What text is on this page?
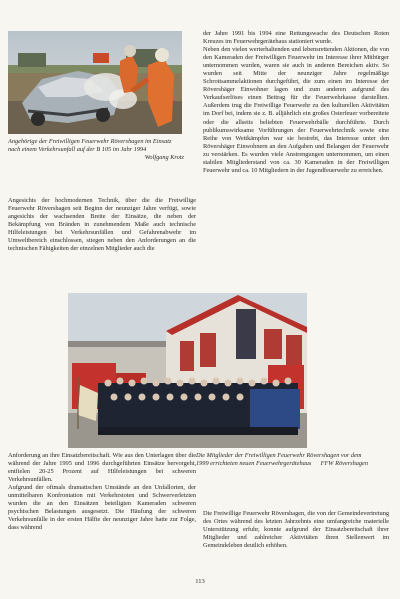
Angehörige der Freiwilligen Feuerwehr Rövershagen im Einsatz nach einem Verkehrsunfall auf der B 105 im Jahr 1994
Wolfgang Krotz

Angesichts der hochmodernen Technik, über die die Freiwillige Feuerwehr Rövershagen seit Beginn der neunziger Jahre verfügt, sowie angesichts der wachsenden Breite der Einsätze, die neben der Bekämpfung von Bränden in zunehmendem Maße auch technische Hilfeleistungen bei Verkehrsunfällen und Gefahrenabwehr im Umweltbereich einschlossen, stiegen neben den Anforderungen an die technischen Fähigkeiten der einzelnen Mitglieder auch die

der Jahre 1991 bis 1994 eine Rettungswache des Deutschen Roten Kreuzes im Feuerwehrgerätehaus stationiert wurde.
Neben den vielen werterhaltenden und lebensrettenden Aktionen, die von den Kameraden der Freiwilligen Feuerwehr im Interesse ihrer Mitbürger unternommen wurden, waren sie auch in anderen Bereichen aktiv. So wurden seit Mitte der neunziger Jahre regelmäßige Schrottsammelaktionen durchgeführt, die zum einen im Interesse der Rövershäger Einwohner lagen und zum anderen aufgrund des Verkaufserlöses einen Beitrag für die Feuerwehrkasse darstellten. Außerdem trug die Freiwillige Feuerwehr zu den kulturellen Aktivitäten im Dorf bei, indem sie z. B. alljährlich ein großes Osterfeuer vorbereitete oder die allseits beliebten Feuerwehrbälle durchführte. Durch publikumswirksame Vorführungen der Feuerwehrtechnik sowie eine Reihe von Wettkämpfen war sie bestrebt, das Interesse unter den Rövershäger Einwohnern an den Aufgaben und Belangen der Feuerwehr zu verstärken. Es wurden viele Anstrengungen unternommen, um einen stabilen Mitgliederstand von ca. 30 Kameraden in der Freiwilligen Feuerwehr und ca. 10 Mitgliedern in der Jugendfeuerwehr zu erreichen.

Die Mitglieder der Freiwilligen Feuerwehr Rövershagen vor dem 1999 errichteten neuen Feuerwehrgerätehaus FFW Rövershagen

Anforderung an ihre Einsatzbereitschaft. Wie aus den Unterlagen über die während der Jahre 1995 und 1996 durchgeführten Einsätze hervorgeht, entfielen 20-25 Prozent auf Hilfeleistungen bei schweren Verkehrsunfällen.
Aufgrund der oftmals dramatischen Umstände an den Unfallorten, der unmittelbaren Konfrontation mit Verkehrstoten und Schwerverletzten wurden die an den Einsätzen beteiligten Kameraden schweren psychischen Belastungen ausgesetzt. Die Häufung der schweren Verkehrsunfälle in der ersten Hälfte der neunziger Jahre hatte zur Folge, dass während

Die Freiwillige Feuerwehr Rövershagen, die von der Gemeindevertretung des Ortes während des letzten Jahrzehnts eine umfangreiche materielle Unterstützung erfuhr, konnte aufgrund der Einsatzbereitschaft ihrer Mitglieder und zahlreicher Aktivitäten ihren Stellenwert im Gemeindeleben deutlich erhöhen.

113
